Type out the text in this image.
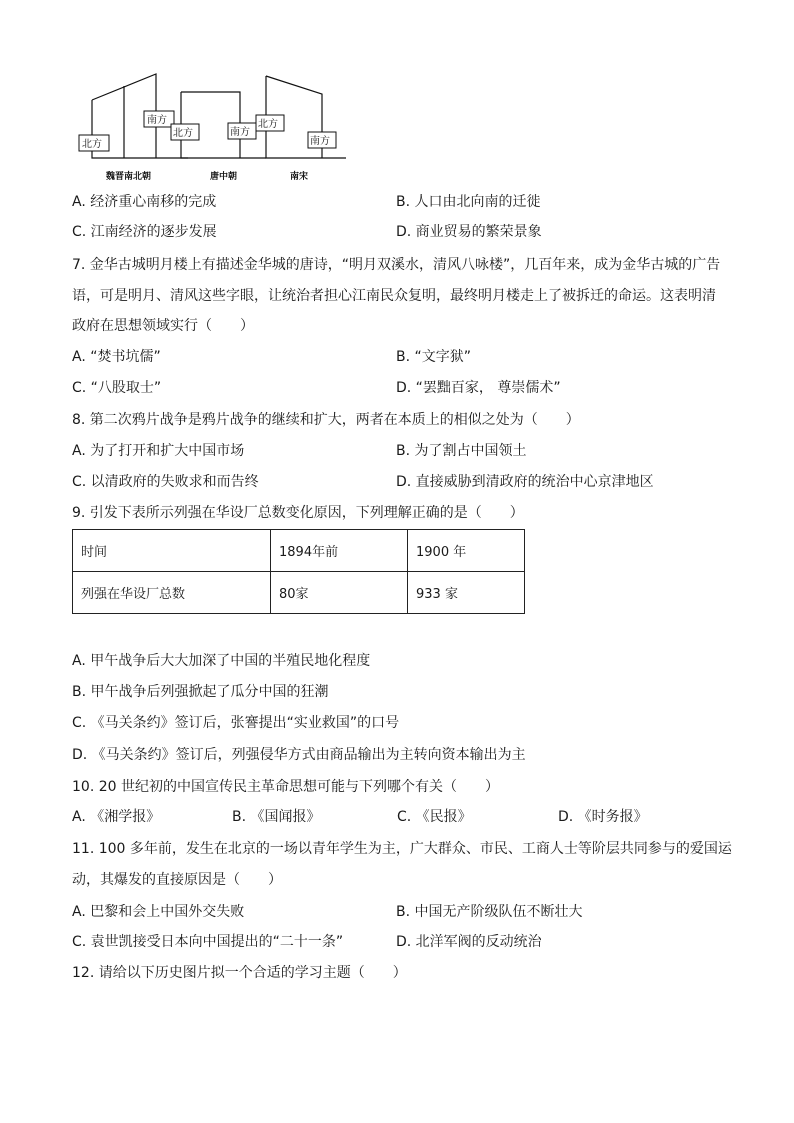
北方
南方
魏晋南北朝
北方	南方
唐中朝
北方
南方
南宋
A. 经济重心南移的完成	B. 人口由北向南的迁徙
C. 江南经济的逐步发展	D. 商业贸易的繁荣景象
7. 金华古城明月楼上有描述金华城的唐诗，“明月双溪水，清风八咏楼”，几百年来，成为金华古城的广告
语，可是明月、清风这些字眼，让统治者担心江南民众复明，最终明月楼走上了被拆迁的命运。这表明清
政府在思想领域实行（　　）
A. “焚书坑儒”	B. “文字狱”
C. “八股取士”	D. “罢黜百家， 尊崇儒术”
8. 第二次鸦片战争是鸦片战争的继续和扩大，两者在本质上的相似之处为（　　）
A. 为了打开和扩大中国市场	B. 为了割占中国领土
C. 以清政府的失败求和而告终	D. 直接威胁到清政府的统治中心京津地区
9. 引发下表所示列强在华设厂总数变化原因，下列理解正确的是（　　）
时间	1894年前	1900 年
列强在华设厂总数	80家	933 家
A. 甲午战争后大大加深了中国的半殖民地化程度
B. 甲午战争后列强掀起了瓜分中国的狂潮
C. 《马关条约》签订后，张謇提出“实业救国”的口号
D. 《马关条约》签订后，列强侵华方式由商品输出为主转向资本输出为主
10. 20 世纪初的中国宣传民主革命思想可能与下列哪个有关（　　）
A. 《湘学报》	B. 《国闻报》	C. 《民报》	D. 《时务报》
11. 100 多年前，发生在北京的一场以青年学生为主，广大群众、市民、工商人士等阶层共同参与的爱国运
动，其爆发的直接原因是（　　）
A. 巴黎和会上中国外交失败	B. 中国无产阶级队伍不断壮大
C. 袁世凯接受日本向中国提出的“二十一条”	D. 北洋军阀的反动统治
12. 请给以下历史图片拟一个合适的学习主题（　　）
